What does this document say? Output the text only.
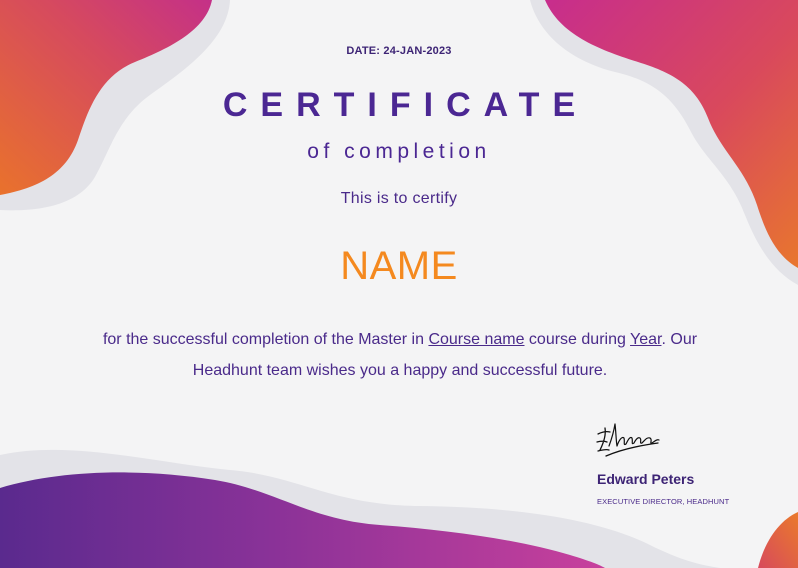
DATE: 24-JAN-2023
CERTIFICATE
of completion
This is to certify
NAME
for the successful completion of the Master in Course name course during Year. Our Headhunt team wishes you a happy and successful future.
Edward Peters
EXECUTIVE DIRECTOR, HEADHUNT
